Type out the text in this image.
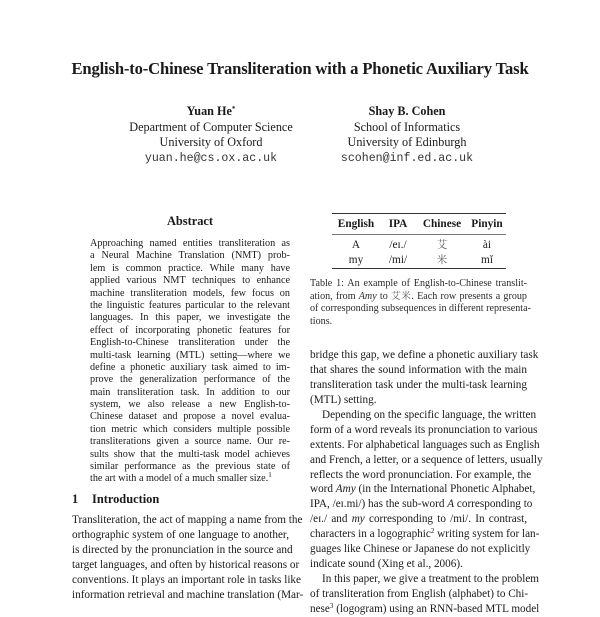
English-to-Chinese Transliteration with a Phonetic Auxiliary Task
Yuan He*
Department of Computer Science
University of Oxford
yuan.he@cs.ox.ac.uk
Shay B. Cohen
School of Informatics
University of Edinburgh
scohen@inf.ed.ac.uk
Abstract
Approaching named entities transliteration as
a Neural Machine Translation (NMT) prob-
lem is common practice. While many have
applied various NMT techniques to enhance
machine transliteration models, few focus on
the linguistic features particular to the relevant
languages. In this paper, we investigate the
effect of incorporating phonetic features for
English-to-Chinese transliteration under the
multi-task learning (MTL) setting—where we
define a phonetic auxiliary task aimed to im-
prove the generalization performance of the
main transliteration task. In addition to our
system, we also release a new English-to-
Chinese dataset and propose a novel evalua-
tion metric which considers multiple possible
transliterations given a source name. Our re-
sults show that the multi-task model achieves
similar performance as the previous state of
the art with a model of a much smaller size.$^1$
1 Introduction
Transliteration, the act of mapping a name from the
orthographic system of one language to another,
is directed by the pronunciation in the source and
target languages, and often by historical reasons or
conventions. It plays an important role in tasks like
information retrieval and machine translation (Mar-
English	IPA	Chinese Pinyin
A	/eɪ./	艾	ài
my	/mi/	米	mǐ
Table 1: An example of English-to-Chinese translit-
ation, from Amy to 艾米. Each row presents a group
of corresponding subsequences in different representa-
tions.
bridge this gap, we define a phonetic auxiliary task
that shares the sound information with the main
transliteration task under the multi-task learning
(MTL) setting.
Depending on the specific language, the written
form of a word reveals its pronunciation to various
extents. For alphabetical languages such as English
and French, a letter, or a sequence of letters, usually
reflects the word pronunciation. For example, the
word Amy (in the International Phonetic Alphabet,
IPA, /eɪ.mi/) has the sub-word A corresponding to
/eɪ./ and my corresponding to /mi/. In contrast,
characters in a logographic$^2$ writing system for lan-
guages like Chinese or Japanese do not explicitly
indicate sound (Xing et al., 2006).
In this paper, we give a treatment to the problem
of transliteration from English (alphabet) to Chi-
nese$^3$ (logogram) using an RNN-based MTL model
